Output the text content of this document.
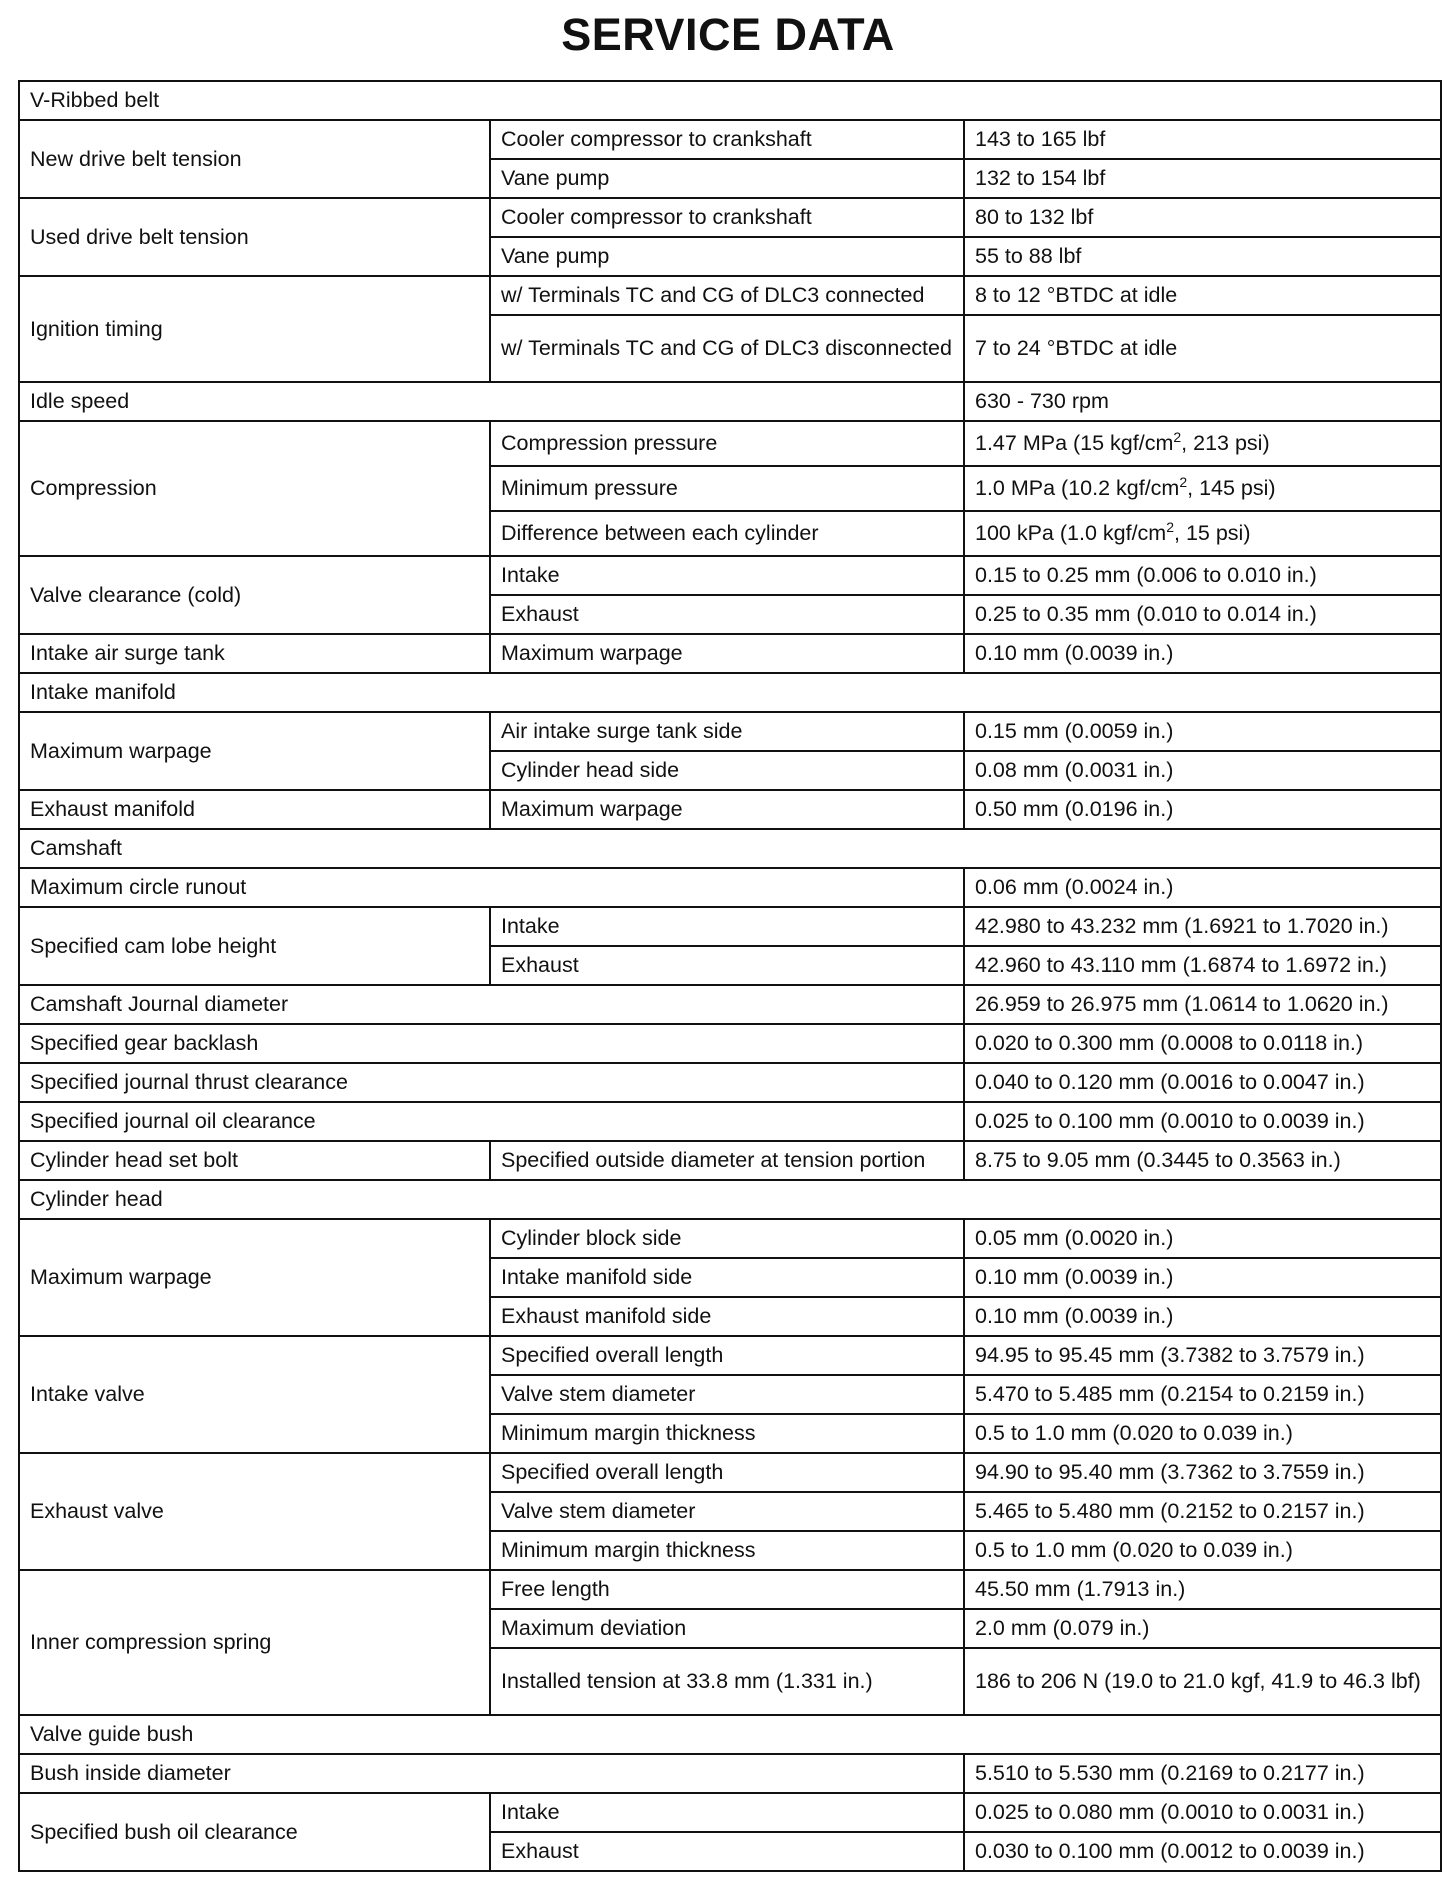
SERVICE DATA
V-Ribbed belt		
New drive belt tension	Cooler compressor to crankshaft	143 to 165 lbf
	Vane pump	132 to 154 lbf
Used drive belt tension	Cooler compressor to crankshaft	80 to 132 lbf
	Vane pump	55 to 88 lbf
Ignition timing	w/ Terminals TC and CG of DLC3 connected	8 to 12 °BTDC at idle
	w/ Terminals TC and CG of DLC3 disconnected	7 to 24 °BTDC at idle
Idle speed		630 - 730 rpm
Compression	Compression pressure	1.47 MPa (15 kgf/$cm^2$, 213 psi)
	Minimum pressure	1.0 MPa (10.2 kgf/$cm^2$, 145 psi)
	Difference between each cylinder	100 kPa (1.0 kgf/$cm^2$, 15 psi)
Valve clearance (cold)	Intake	0.15 to 0.25 mm (0.006 to 0.010 in.)
	Exhaust	0.25 to 0.35 mm (0.010 to 0.014 in.)
Intake air surge tank	Maximum warpage	0.10 mm (0.0039 in.)
Intake manifold		
Maximum warpage	Air intake surge tank side	0.15 mm (0.0059 in.)
	Cylinder head side	0.08 mm (0.0031 in.)
Exhaust manifold	Maximum warpage	0.50 mm (0.0196 in.)
Camshaft		
Maximum circle runout		0.06 mm (0.0024 in.)
Specified cam lobe height	Intake	42.980 to 43.232 mm (1.6921 to 1.7020 in.)
	Exhaust	42.960 to 43.110 mm (1.6874 to 1.6972 in.)
Camshaft Journal diameter		26.959 to 26.975 mm (1.0614 to 1.0620 in.)
Specified gear backlash		0.020 to 0.300 mm (0.0008 to 0.0118 in.)
Specified journal thrust clearance		0.040 to 0.120 mm (0.0016 to 0.0047 in.)
Specified journal oil clearance		0.025 to 0.100 mm (0.0010 to 0.0039 in.)
Cylinder head set bolt	Specified outside diameter at tension portion	8.75 to 9.05 mm (0.3445 to 0.3563 in.)
Cylinder head		
Maximum warpage	Cylinder block side	0.05 mm (0.0020 in.)
	Intake manifold side	0.10 mm (0.0039 in.)
	Exhaust manifold side	0.10 mm (0.0039 in.)
Intake valve	Specified overall length	94.95 to 95.45 mm (3.7382 to 3.7579 in.)
	Valve stem diameter	5.470 to 5.485 mm (0.2154 to 0.2159 in.)
	Minimum margin thickness	0.5 to 1.0 mm (0.020 to 0.039 in.)
Exhaust valve	Specified overall length	94.90 to 95.40 mm (3.7362 to 3.7559 in.)
	Valve stem diameter	5.465 to 5.480 mm (0.2152 to 0.2157 in.)
	Minimum margin thickness	0.5 to 1.0 mm (0.020 to 0.039 in.)
Inner compression spring	Free length	45.50 mm (1.7913 in.)
	Maximum deviation	2.0 mm (0.079 in.)
	Installed tension at 33.8 mm (1.331 in.)	186 to 206 N (19.0 to 21.0 kgf, 41.9 to 46.3 lbf)
Valve guide bush		
Bush inside diameter		5.510 to 5.530 mm (0.2169 to 0.2177 in.)
Specified bush oil clearance	Intake	0.025 to 0.080 mm (0.0010 to 0.0031 in.)
	Exhaust	0.030 to 0.100 mm (0.0012 to 0.0039 in.)
